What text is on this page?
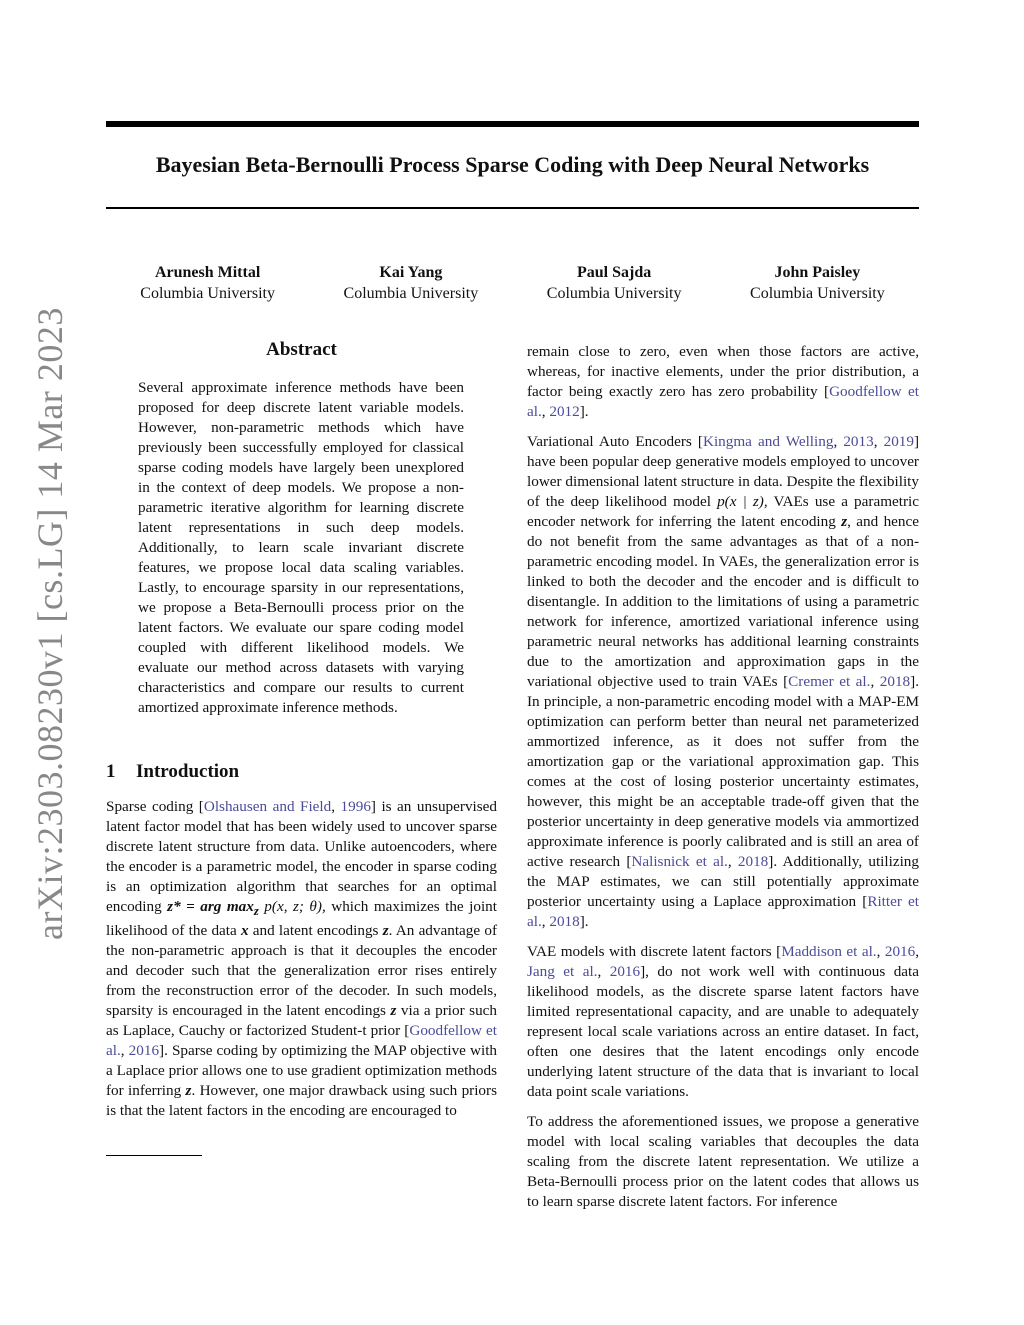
Bayesian Beta-Bernoulli Process Sparse Coding with Deep Neural Networks
Arunesh Mittal
Columbia University
Kai Yang
Columbia University
Paul Sajda
Columbia University
John Paisley
Columbia University
arXiv:2303.08230v1 [cs.LG] 14 Mar 2023	Abstract
Several approximate inference methods have been proposed for deep discrete latent variable models. However, non-parametric methods which have previously been successfully employed for classical sparse coding models have largely been unexplored in the context of deep models. We propose a non-parametric iterative algorithm for learning discrete latent representations in such deep models. Additionally, to learn scale invariant discrete features, we propose local data scaling variables. Lastly, to encourage sparsity in our representations, we propose a Beta-Bernoulli process prior on the latent factors. We evaluate our spare coding model coupled with different likelihood models. We evaluate our method across datasets with varying characteristics and compare our results to current amortized approximate inference methods.
1 Introduction

Sparse coding [Olshausen and Field, 1996] is an unsupervised latent factor model that has been widely used to uncover sparse discrete latent structure from data. Unlike autoencoders, where the encoder is a parametric model, the encoder in sparse coding is an optimization algorithm that searches for an optimal encoding z* = arg $\max_z p(x$, z; θ), which maximizes the joint likelihood of the data x and latent encodings z. An advantage of the non-parametric approach is that it decouples the encoder and decoder such that the generalization error rises entirely from the reconstruction error of the decoder. In such models, sparsity is encouraged in the latent encodings z via a prior such as Laplace, Cauchy or factorized Student-t prior [Goodfellow et al., 2016]. Sparse coding by optimizing the MAP objective with a Laplace prior allows one to use gradient optimization methods for inferring z. However, one major drawback using such priors is that the latent factors in the encoding are encouraged to

remain close to zero, even when those factors are active, whereas, for inactive elements, under the prior distribution, a factor being exactly zero has zero probability [Goodfellow et al., 2012].

Variational Auto Encoders [Kingma and Welling, 2013, 2019] have been popular deep generative models employed to uncover lower dimensional latent structure in data. Despite the flexibility of the deep likelihood model p(x | z), VAEs use a parametric encoder network for inferring the latent encoding z, and hence do not benefit from the same advantages as that of a non-parametric encoding model. In VAEs, the generalization error is linked to both the decoder and the encoder and is difficult to disentangle. In addition to the limitations of using a parametric network for inference, amortized variational inference using parametric neural networks has additional learning constraints due to the amortization and approximation gaps in the variational objective used to train VAEs [Cremer et al., 2018]. In principle, a non-parametric encoding model with a MAP-EM optimization can perform better than neural net parameterized ammortized inference, as it does not suffer from the amortization gap or the variational approximation gap. This comes at the cost of losing posterior uncertainty estimates, however, this might be an acceptable trade-off given that the posterior uncertainty in deep generative models via ammortized approximate inference is poorly calibrated and is still an area of active research [Nalisnick et al., 2018]. Additionally, utilizing the MAP estimates, we can still potentially approximate posterior uncertainty using a Laplace approximation [Ritter et al., 2018].

VAE models with discrete latent factors [Maddison et al., 2016, Jang et al., 2016], do not work well with continuous data likelihood models, as the discrete sparse latent factors have limited representational capacity, and are unable to adequately represent local scale variations across an entire dataset. In fact, often one desires that the latent encodings only encode underlying latent structure of the data that is invariant to local data point scale variations.

To address the aforementioned issues, we propose a generative model with local scaling variables that decouples the data scaling from the discrete latent representation. We utilize a Beta-Bernoulli process prior on the latent codes that allows us to learn sparse discrete latent factors. For inference
